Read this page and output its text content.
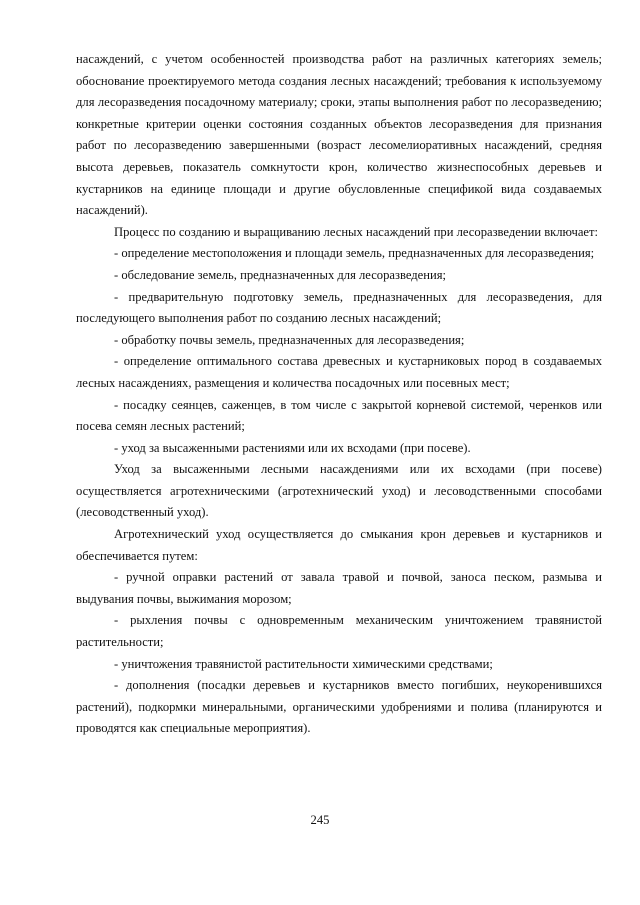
насаждений, с учетом особенностей производства работ на различных категориях земель; обоснование проектируемого метода создания лесных насаждений; требования к используемому для лесоразведения посадочному материалу; сроки, этапы выполнения работ по лесоразведению; конкретные критерии оценки состояния созданных объектов лесоразведения для признания работ по лесоразведению завершенными (возраст лесомелиоративных насаждений, средняя высота деревьев, показатель сомкнутости крон, количество жизнеспособных деревьев и кустарников на единице площади и другие обусловленные спецификой вида создаваемых насаждений).

Процесс по созданию и выращиванию лесных насаждений при лесоразведении включает:

- определение местоположения и площади земель, предназначенных для лесоразведения;

- обследование земель, предназначенных для лесоразведения;

- предварительную подготовку земель, предназначенных для лесоразведения, для последующего выполнения работ по созданию лесных насаждений;

- обработку почвы земель, предназначенных для лесоразведения;

- определение оптимального состава древесных и кустарниковых пород в создаваемых лесных насаждениях, размещения и количества посадочных или посевных мест;

- посадку сеянцев, саженцев, в том числе с закрытой корневой системой, черенков или посева семян лесных растений;

- уход за высаженными растениями или их всходами (при посеве).

Уход за высаженными лесными насаждениями или их всходами (при посеве) осуществляется агротехническими (агротехнический уход) и лесоводственными способами (лесоводственный уход).

Агротехнический уход осуществляется до смыкания крон деревьев и кустарников и обеспечивается путем:

- ручной оправки растений от завала травой и почвой, заноса песком, размыва и выдувания почвы, выжимания морозом;

- рыхления почвы с одновременным механическим уничтожением травянистой растительности;

- уничтожения травянистой растительности химическими средствами;

- дополнения (посадки деревьев и кустарников вместо погибших, неукоренившихся растений), подкормки минеральными, органическими удобрениями и полива (планируются и проводятся как специальные мероприятия).

245
